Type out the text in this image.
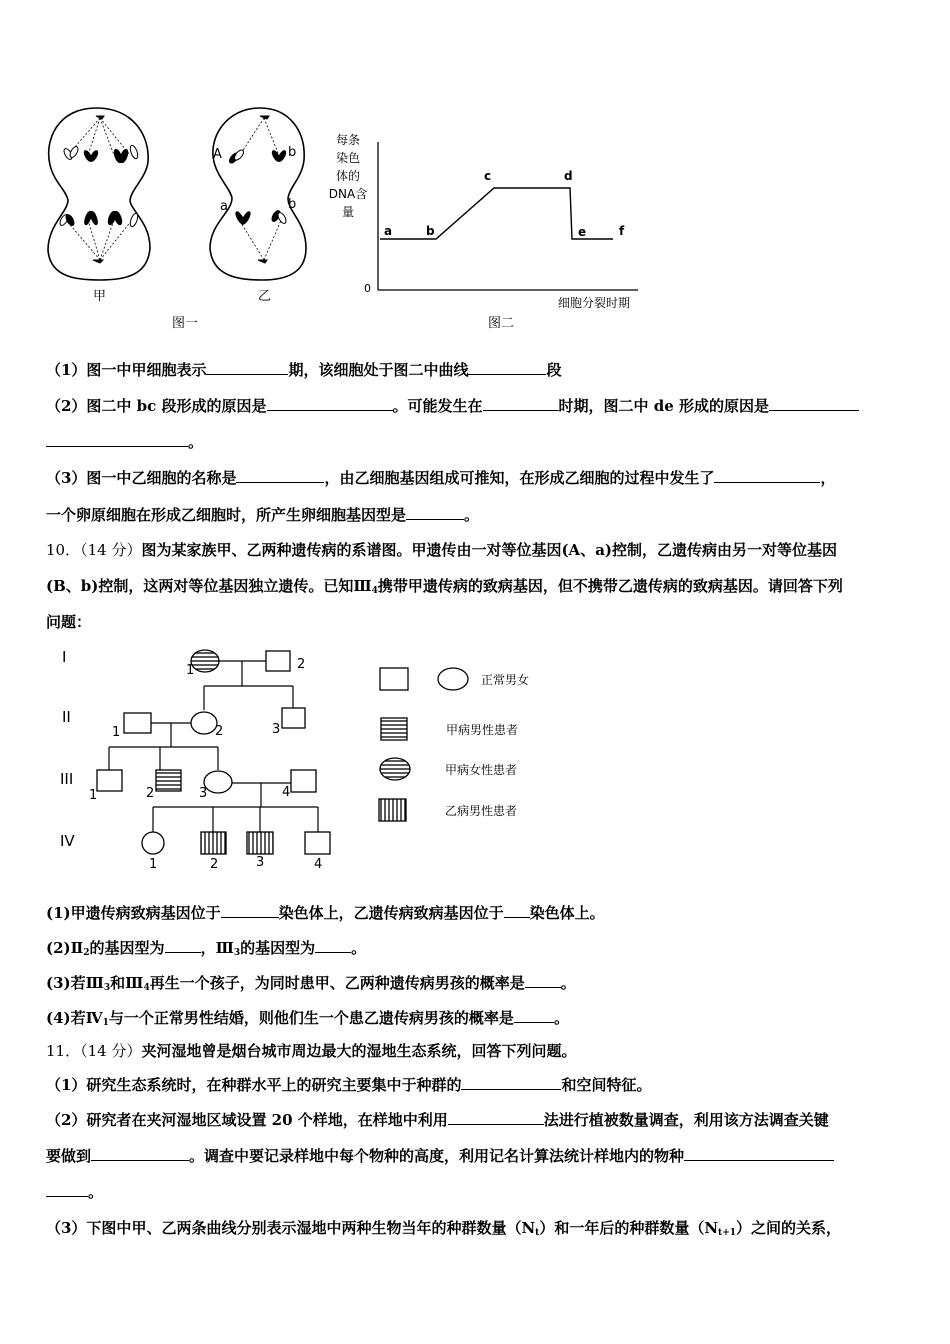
A	b
a	b
甲	乙
图一	图二
每条
染色
体的
DNA含
量
0
细胞分裂时期
a	b
c	d
e	f
（1）图一中甲细胞表示	期，该细胞处于图二中曲线	段
（2）图二中 bc 段形成的原因是	。可能发生在	时期，图二中 de 形成的原因是
。
（3）图一中乙细胞的名称是	，由乙细胞基因组成可推知，在形成乙细胞的过程中发生了	，
一个卵原细胞在形成乙细胞时，所产生卵细胞基因型是	。
10．（14 分）图为某家族甲、乙两种遗传病的系谱图。甲遗传由一对等位基因(A、a)控制，乙遗传病由另一对等位基因
(B、b)控制，这两对等位基因独立遗传。已知$Ⅲ_4$携带甲遗传病的致病基因，但不携带乙遗传病的致病基因。请回答下列
问题：
I
II
III
IV
1	2
1	2	3
1	2	3	4
1	2	3	4
正常男女
甲病男性患者
甲病女性患者
乙病男性患者
(1)甲遗传病致病基因位于	染色体上，乙遗传病致病基因位于 染色体上。
$(2)Ⅱ_2$的基因型为 ，$Ⅲ_3$的基因型为 。
(3)若$Ⅲ_3$和$Ⅲ_4$再生一个孩子，为同时患甲、乙两种遗传病男孩的概率是 。
(4)若$Ⅳ_1$与一个正常男性结婚，则他们生一个患乙遗传病男孩的概率是	。
11．（14 分）夹河湿地曾是烟台城市周边最大的湿地生态系统，回答下列问题。
（1）研究生态系统时，在种群水平上的研究主要集中于种群的	和空间特征。
（2）研究者在夹河湿地区域设置 20 个样地，在样地中利用	法进行植被数量调查，利用该方法调查关键
要做到	。调查中要记录样地中每个物种的高度，利用记名计算法统计样地内的物种
。
（3）下图中甲、乙两条曲线分别表示湿地中两种生物当年的种群数量$(N_t)$和一年后的种群数量$(N_{t+1})$之间的关系，
